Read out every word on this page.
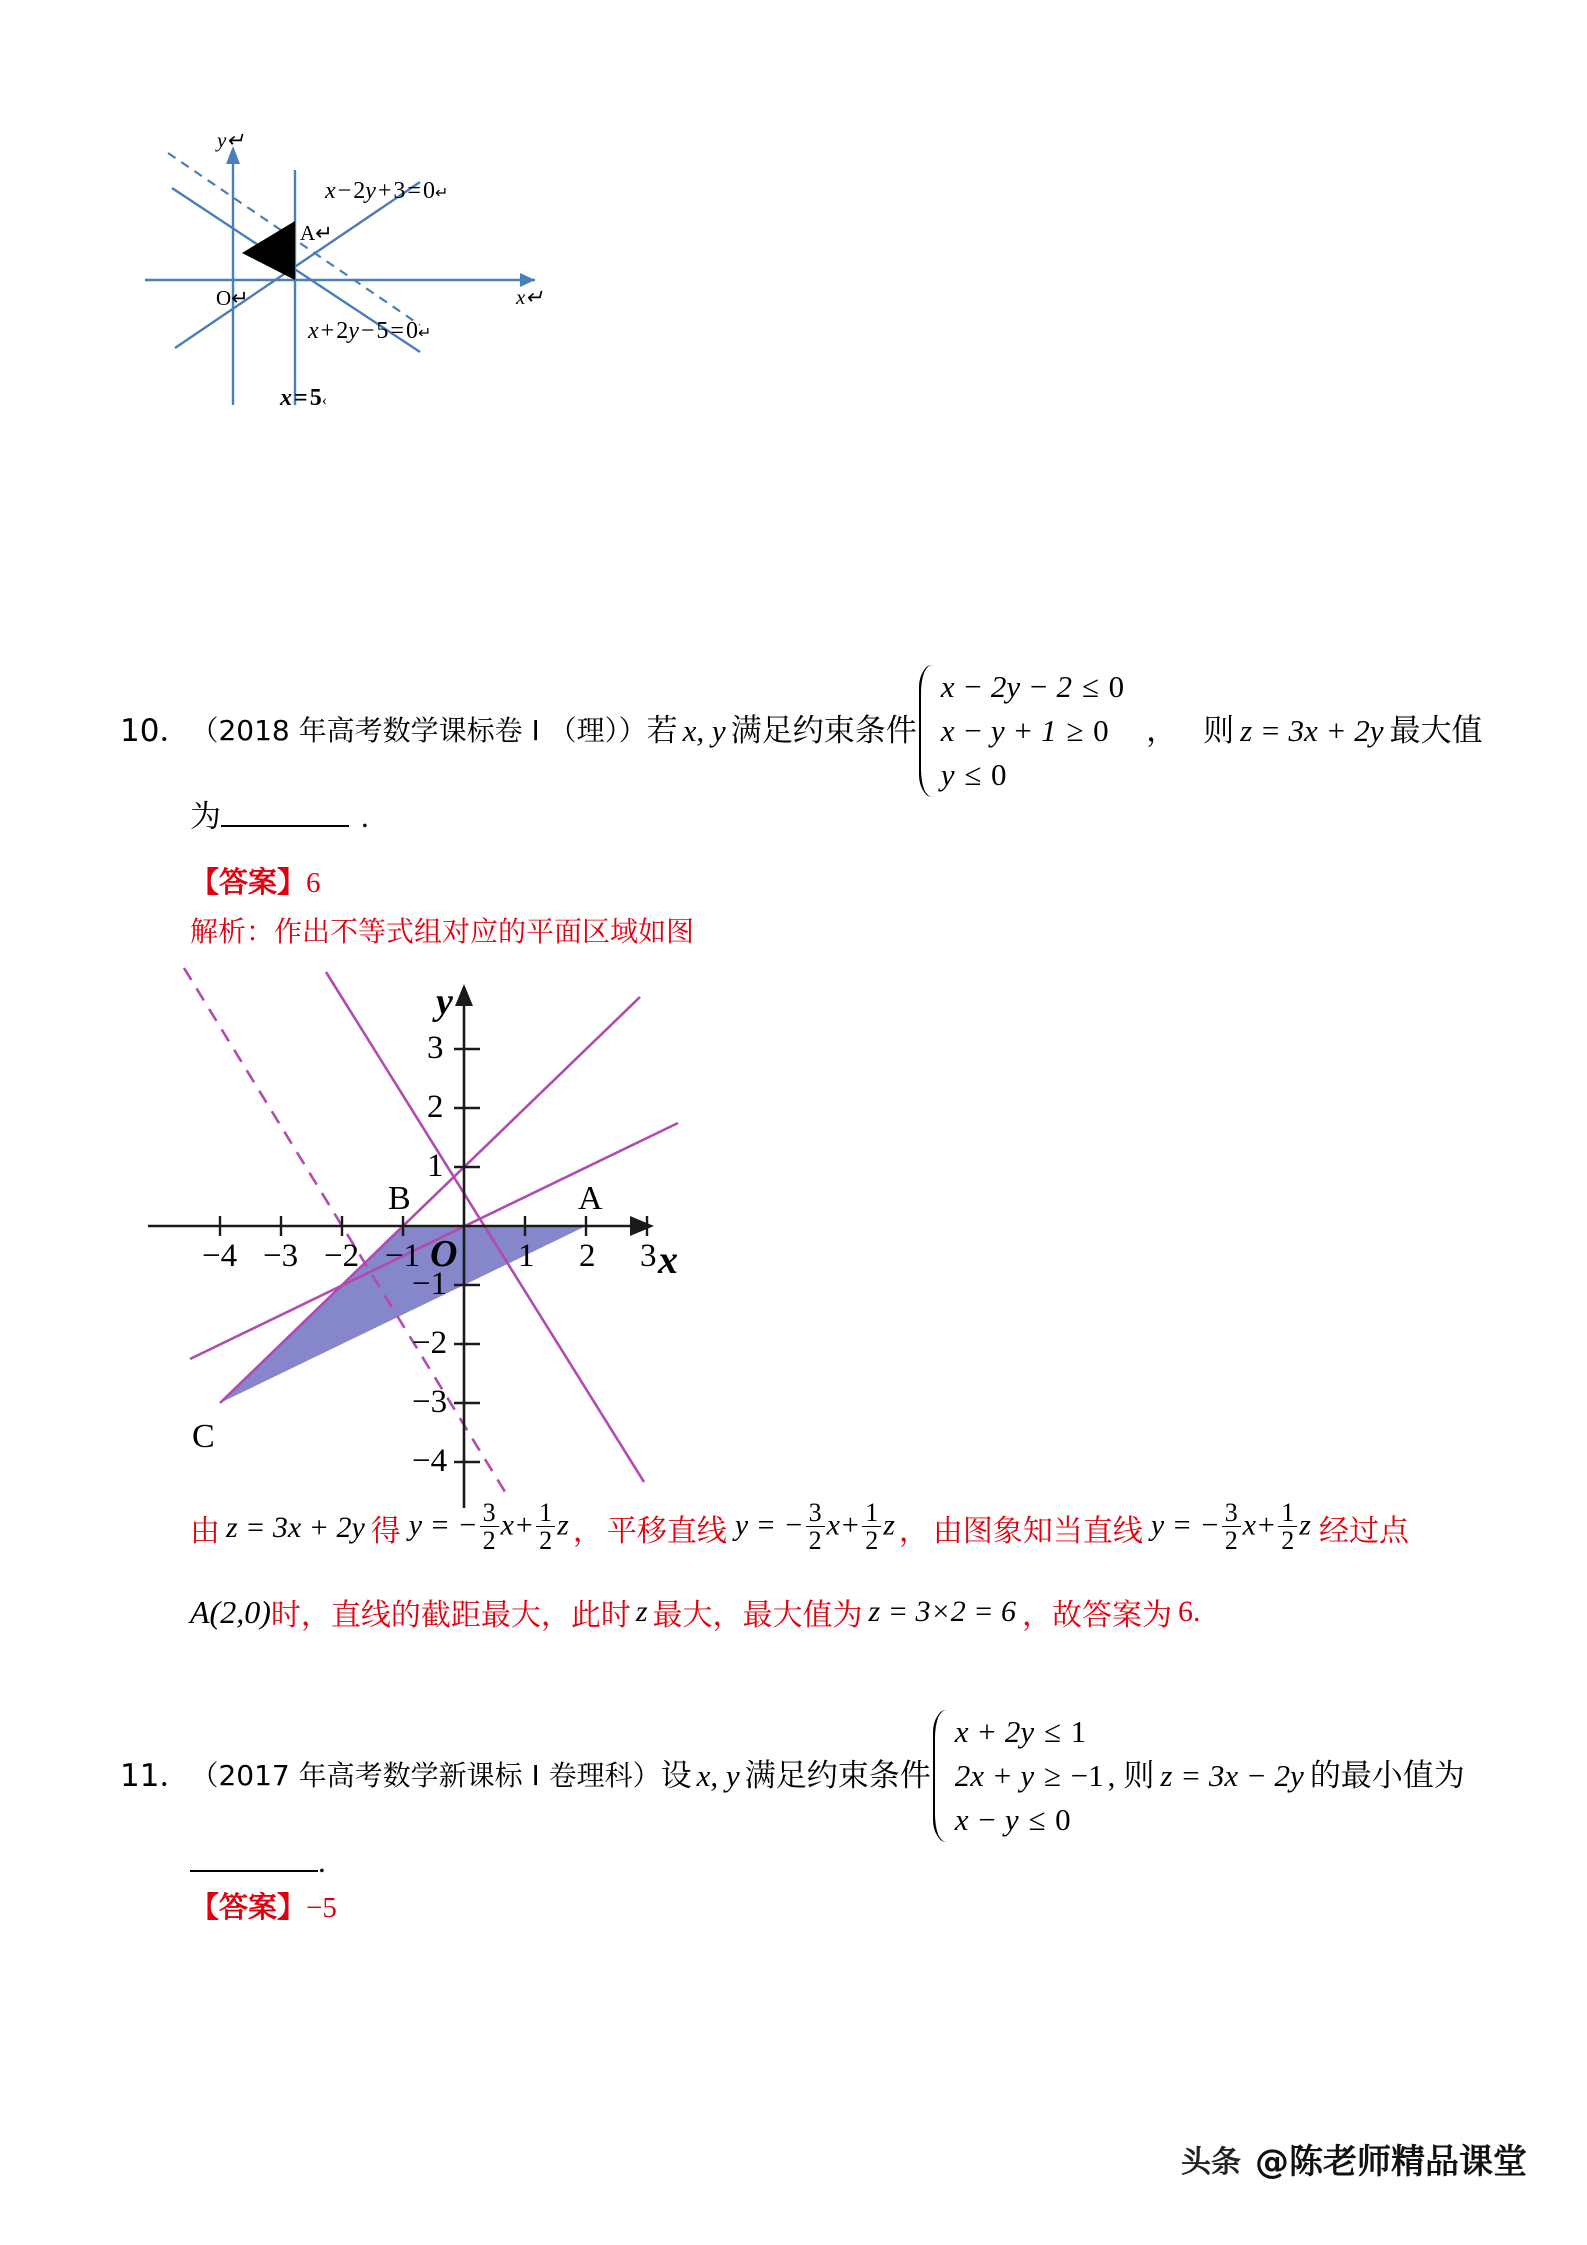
y↵
x↵
O↵
A↵
x−2y+3=0↵
x+2y−5=0↵
x=5‹
10． （2018 年高考数学课标卷 Ⅰ （理）） 若 x, y 满足约束条件
x − 2y − 2 ≤ 0
x − y + 1 ≥ 0
y ≤ 0
， 则 z = 3x + 2y 最大值
为	.
【答案】6
解析：作出不等式组对应的平面区域如图
−4 −3 −2 −1	1 2 3
3
2
1
−1
−2
−3
−4
y
x
O
A
B
C
由 z = 3x + 2y 得 y = − $\frac{3}{2} x+ \frac{1}{2}$ z ， 平移直线 y = − $\frac{3}{2} x+ \frac{1}{2}$ z ， 由图象知当直线 y = − $\frac{3}{2} x+ \frac{1}{2}$ z 经过点
A(2,0) 时，直线的截距最大，此时 z 最大，最大值为 z = 3×2 = 6 ， 故答案为 6.
11． （2017 年高考数学新课标 Ⅰ 卷理科） 设 x, y 满足约束条件
x + 2y ≤ 1
2x + y ≥ −1
x − y ≤ 0
, 则 z = 3x − 2y 的最小值为
.
【答案】−5
头条 @陈老师精品课堂
